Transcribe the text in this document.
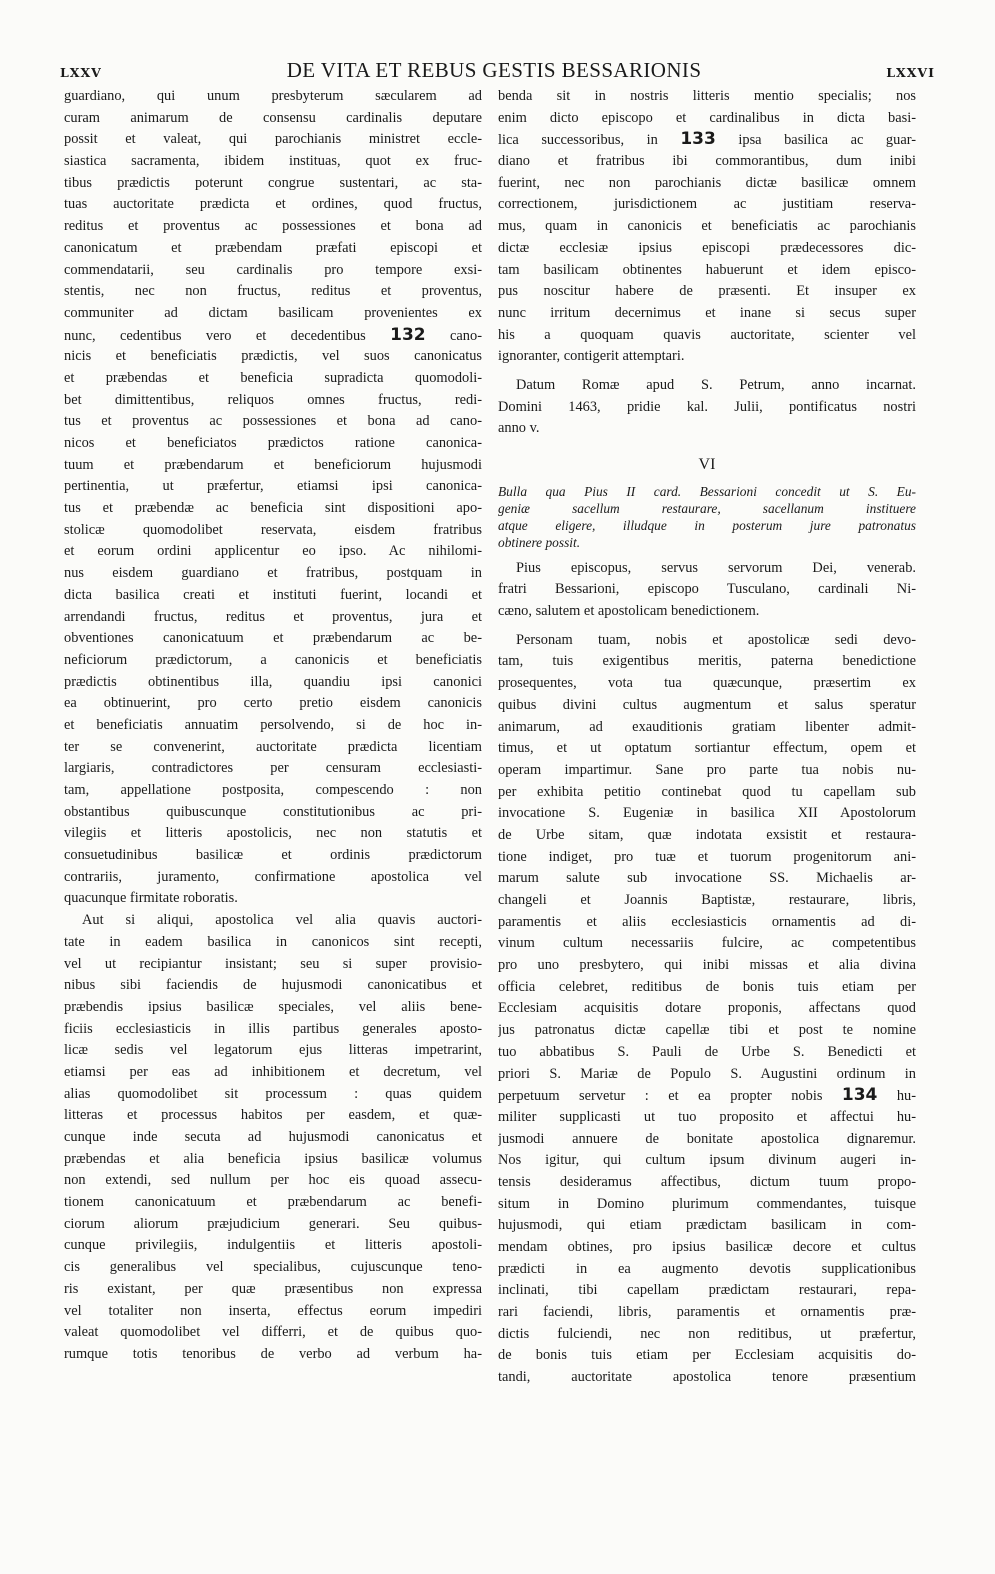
LXXV	DE VITA ET REBUS GESTIS BESSARIONIS	LXXVI
guardiano, qui unum presbyterum sæcularem ad
curam animarum de consensu cardinalis deputare
possit et valeat, qui parochianis ministret eccle-
siastica sacramenta, ibidem instituas, quot ex fruc-
tibus prædictis poterunt congrue sustentari, ac sta-
tuas auctoritate prædicta et ordines, quod fructus,
reditus et proventus ac possessiones et bona ad
canonicatum et præbendam præfati episcopi et
commendatarii, seu cardinalis pro tempore exsi-
stentis, nec non fructus, reditus et proventus,
communiter ad dictam basilicam provenientes ex
nunc, cedentibus vero et decedentibus 132 cano-
nicis et beneficiatis prædictis, vel suos canonicatus
et præbendas et beneficia supradicta quomodoli-
bet dimittentibus, reliquos omnes fructus, redi-
tus et proventus ac possessiones et bona ad cano-
nicos et beneficiatos prædictos ratione canonica-
tuum et præbendarum et beneficiorum hujusmodi
pertinentia, ut præfertur, etiamsi ipsi canonica-
tus et præbendæ ac beneficia sint dispositioni apo-
stolicæ quomodolibet reservata, eisdem fratribus
et eorum ordini applicentur eo ipso. Ac nihilomi-
nus eisdem guardiano et fratribus, postquam in
dicta basilica creati et instituti fuerint, locandi et
arrendandi fructus, reditus et proventus, jura et
obventiones canonicatuum et præbendarum ac be-
neficiorum prædictorum, a canonicis et beneficiatis
prædictis obtinentibus illa, quandiu ipsi canonici
ea obtinuerint, pro certo pretio eisdem canonicis
et beneficiatis annuatim persolvendo, si de hoc in-
ter se convenerint, auctoritate prædicta licentiam
largiaris, contradictores per censuram ecclesiasti-
tam, appellatione postposita, compescendo : non
obstantibus quibuscunque constitutionibus ac pri-
vilegiis et litteris apostolicis, nec non statutis et
consuetudinibus basilicæ et ordinis prædictorum
contrariis, juramento, confirmatione apostolica vel
quacunque firmitate roboratis.
Aut si aliqui, apostolica vel alia quavis auctori-
tate in eadem basilica in canonicos sint recepti,
vel ut recipiantur insistant; seu si super provisio-
nibus sibi faciendis de hujusmodi canonicatibus et
præbendis ipsius basilicæ speciales, vel aliis bene-
ficiis ecclesiasticis in illis partibus generales aposto-
licæ sedis vel legatorum ejus litteras impetrarint,
etiamsi per eas ad inhibitionem et decretum, vel
alias quomodolibet sit processum : quas quidem
litteras et processus habitos per easdem, et quæ-
cunque inde secuta ad hujusmodi canonicatus et
præbendas et alia beneficia ipsius basilicæ volumus
non extendi, sed nullum per hoc eis quoad assecu-
tionem canonicatuum et præbendarum ac benefi-
ciorum aliorum præjudicium generari. Seu quibus-
cunque privilegiis, indulgentiis et litteris apostoli-
cis generalibus vel specialibus, cujuscunque teno-
ris existant, per quæ præsentibus non expressa
vel totaliter non inserta, effectus eorum impediri
valeat quomodolibet vel differri, et de quibus quo-
rumque totis tenoribus de verbo ad verbum ha-
benda sit in nostris litteris mentio specialis; nos
enim dicto episcopo et cardinalibus in dicta basi-
lica successoribus, in 133 ipsa basilica ac guar-
diano et fratribus ibi commorantibus, dum inibi
fuerint, nec non parochianis dictæ basilicæ omnem
correctionem, jurisdictionem ac justitiam reserva-
mus, quam in canonicis et beneficiatis ac parochianis
dictæ ecclesiæ ipsius episcopi prædecessores dic-
tam basilicam obtinentes habuerunt et idem episco-
pus noscitur habere de præsenti. Et insuper ex
nunc irritum decernimus et inane si secus super
his a quoquam quavis auctoritate, scienter vel
ignoranter, contigerit attemptari.
Datum Romæ apud S. Petrum, anno incarnat.
Domini 1463, pridie kal. Julii, pontificatus nostri
anno v.
VI
Bulla qua Pius II card. Bessarioni concedit ut S. Eu-
geniæ sacellum restaurare, sacellanum instituere
atque eligere, illudque in posterum jure patronatus
obtinere possit.
Pius episcopus, servus servorum Dei, venerab.
fratri Bessarioni, episcopo Tusculano, cardinali Ni-
cæno, salutem et apostolicam benedictionem.
Personam tuam, nobis et apostolicæ sedi devo-
tam, tuis exigentibus meritis, paterna benedictione
prosequentes, vota tua quæcunque, præsertim ex
quibus divini cultus augmentum et salus speratur
animarum, ad exauditionis gratiam libenter admit-
timus, et ut optatum sortiantur effectum, opem et
operam impartimur. Sane pro parte tua nobis nu-
per exhibita petitio continebat quod tu capellam sub
invocatione S. Eugeniæ in basilica XII Apostolorum
de Urbe sitam, quæ indotata exsistit et restaura-
tione indiget, pro tuæ et tuorum progenitorum ani-
marum salute sub invocatione SS. Michaelis ar-
changeli et Joannis Baptistæ, restaurare, libris,
paramentis et aliis ecclesiasticis ornamentis ad di-
vinum cultum necessariis fulcire, ac competentibus
pro uno presbytero, qui inibi missas et alia divina
officia celebret, reditibus de bonis tuis etiam per
Ecclesiam acquisitis dotare proponis, affectans quod
jus patronatus dictæ capellæ tibi et post te nomine
tuo abbatibus S. Pauli de Urbe S. Benedicti et
priori S. Mariæ de Populo S. Augustini ordinum in
perpetuum servetur : et ea propter nobis 134 hu-
militer supplicasti ut tuo proposito et affectui hu-
jusmodi annuere de bonitate apostolica dignaremur.
Nos igitur, qui cultum ipsum divinum augeri in-
tensis desideramus affectibus, dictum tuum propo-
situm in Domino plurimum commendantes, tuisque
hujusmodi, qui etiam prædictam basilicam in com-
mendam obtines, pro ipsius basilicæ decore et cultus
prædicti in ea augmento devotis supplicationibus
inclinati, tibi capellam prædictam restaurari, repa-
rari faciendi, libris, paramentis et ornamentis præ-
dictis fulciendi, nec non reditibus, ut præfertur,
de bonis tuis etiam per Ecclesiam acquisitis do-
tandi, auctoritate apostolica tenore præsentium
